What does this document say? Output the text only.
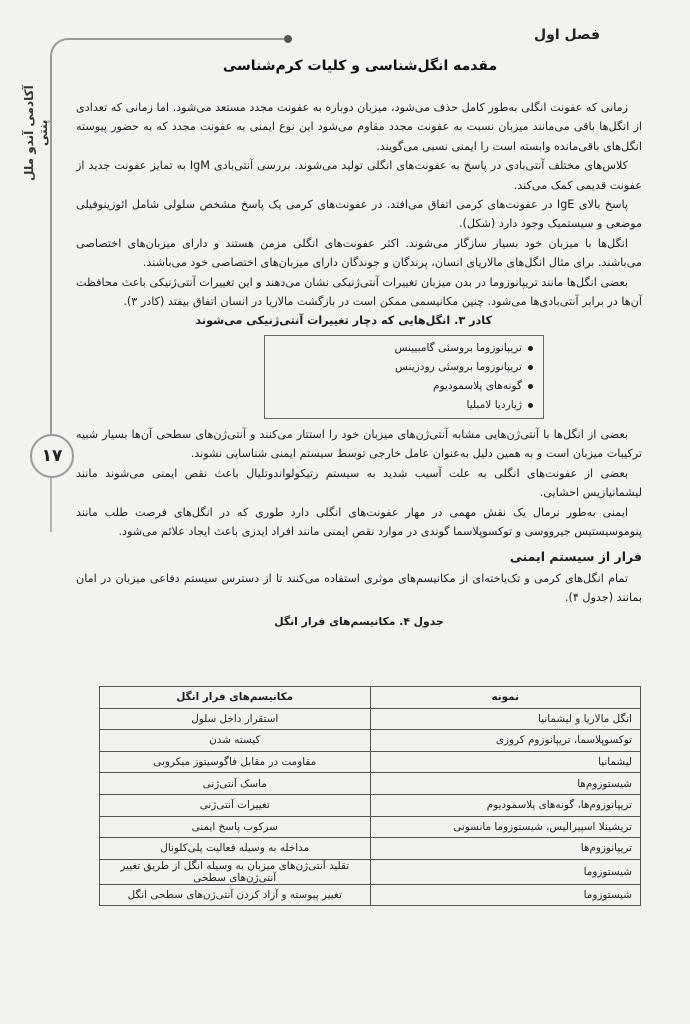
آکادمی آندو ملل پنتی
۱۷
فصل اول
مقدمه انگل‌شناسی و کلیات کرم‌شناسی

زمانی که عفونت انگلی به‌طور کامل حذف می‌شود، میزبان دوباره به عفونت مجدد مستعد می‌شود. اما زمانی که تعدادی از انگل‌ها باقی می‌مانند میزبان نسبت به عفونت مجدد مقاوم می‌شود این نوع ایمنی به عفونت مجدد که به حضور پیوسته انگل‌های باقی‌مانده وابسته است را ایمنی نسبی می‌گویند.

کلاس‌های مختلف آنتی‌بادی در پاسخ به عفونت‌های انگلی تولید می‌شوند. بررسی آنتی‌بادی IgM به تمایز عفونت جدید از عفونت قدیمی کمک می‌کند.

پاسخ بالای IgE در عفونت‌های کرمی اتفاق می‌افتد. در عفونت‌های کرمی یک پاسخ مشخص سلولی شامل ائوزینوفیلی موضعی و سیستمیک وجود دارد (شکل).

انگل‌ها با میزبان خود بسیار سازگار می‌شوند. اکثر عفونت‌های انگلی مزمن هستند و دارای میزبان‌های اختصاصی می‌باشند. برای مثال انگل‌های مالاریای انسان، پرندگان و جوندگان دارای میزبان‌های اختصاصی خود می‌باشند.

بعضی انگل‌ها مانند تریپانوزوما در بدن میزبان تغییرات آنتی‌ژنیکی نشان می‌دهند و این تغییرات آنتی‌ژنیکی باعث محافظت آن‌ها در برابر آنتی‌بادی‌ها می‌شود. چنین مکانیسمی ممکن است در بازگشت مالاریا در انسان اتفاق بیفتد (کادر ۳).

کادر ۳. انگل‌هایی که دچار تغییرات آنتی‌ژنیکی می‌شوند

تریپانوزوما بروسئی گامبیینس
تریپانوزوما بروسئی رودزینس
گونه‌های پلاسمودیوم
ژیاردیا لامبلیا

بعضی از انگل‌ها با آنتی‌ژن‌هایی مشابه آنتی‌ژن‌های میزبان خود را استتار می‌کنند و آنتی‌ژن‌های سطحی آن‌ها بسیار شبیه ترکیبات میزبان است و به همین دلیل به‌عنوان عامل خارجی توسط سیستم ایمنی شناسایی نشوند.

بعضی از عفونت‌های انگلی به علت آسیب شدید به سیستم رتیکولواندوتلیال باعث نقص ایمنی می‌شوند مانند لیشمانیازیس احشایی.

ایمنی به‌طور نرمال یک نقش مهمی در مهار عفونت‌های انگلی دارد طوری که در انگل‌های فرصت طلب مانند پنوموسیستیس جیرووسی و توکسوپلاسما گوندی در موارد نقص ایمنی مانند افراد ایدزی باعث ایجاد علائم می‌شود.

فرار از سیستم ایمنی

تمام انگل‌های کرمی و تک‌یاخته‌ای از مکانیسم‌های موثری استفاده می‌کنند تا از دسترس سیستم دفاعی میزبان در امان بمانند (جدول ۴).

جدول ۴. مکانیسم‌های فرار انگل

نمونه	مکانیسم‌های فرار انگل
انگل مالاریا و لیشمانیا	استقرار داخل سلول
توکسوپلاسما، تریپانوزوم کروزی	کیسته شدن
لیشمانیا	مقاومت در مقابل فاگوسیتوز میکروبی
شیستوزوم‌ها	ماسک آنتی‌ژنی
تریپانوزوم‌ها، گونه‌های پلاسمودیوم	تغییرات آنتی‌ژنی
تریشینلا اسپیرالیس، شیستوزوما مانسونی	سرکوب پاسخ ایمنی
تریپانوزوم‌ها	مداخله به وسیله فعالیت پلی‌کلونال
شیستوزوما	تقلید آنتی‌ژن‌های میزبان به وسیله انگل از طریق تغییر آنتی‌ژن‌های سطحی
شیستوزوما	تغییر پیوسته و آزاد کردن آنتی‌ژن‌های سطحی انگل
